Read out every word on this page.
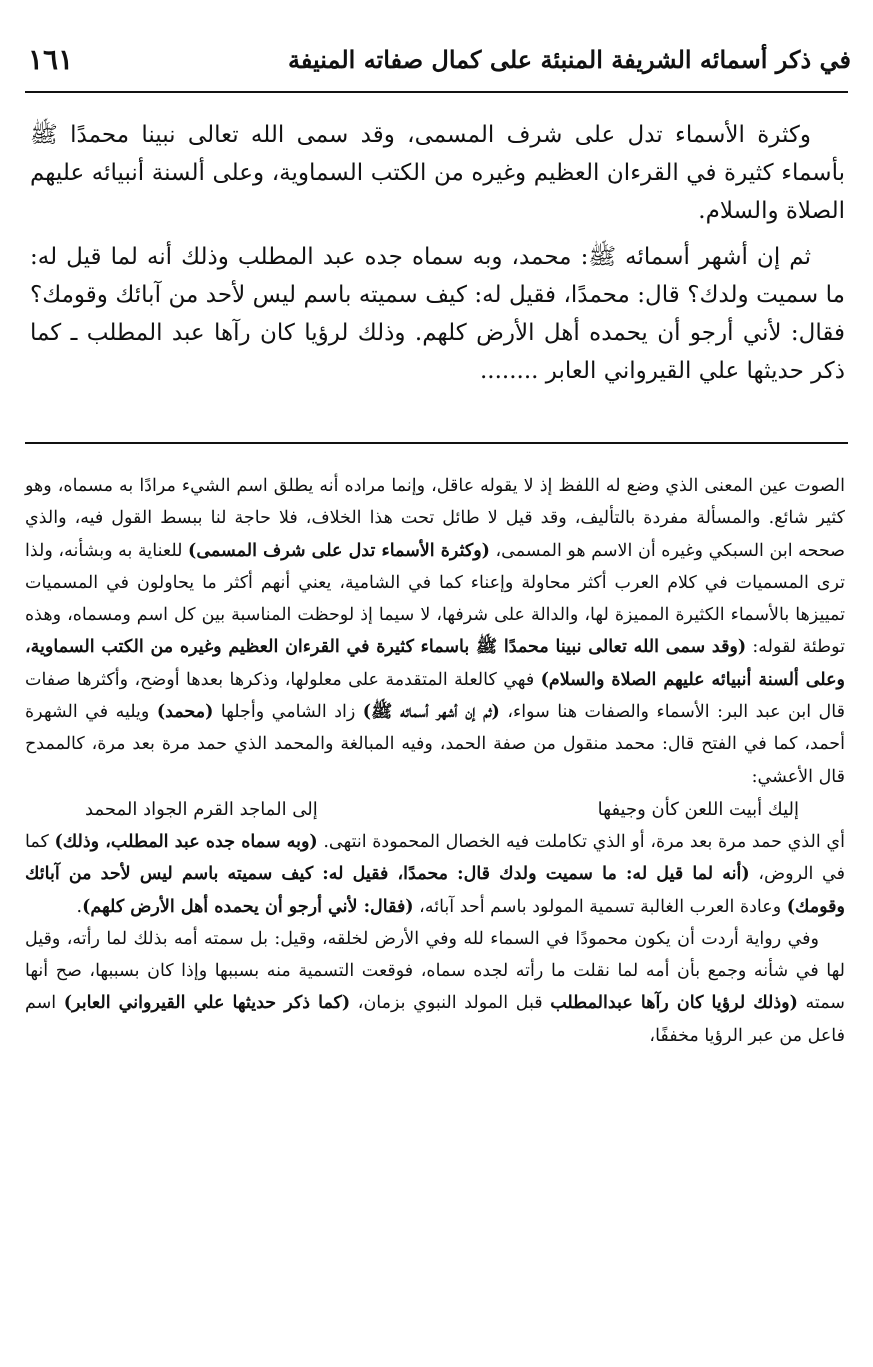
في ذكر أسمائه الشريفة المنبئة على كمال صفاته المنيفة
١٦١

وكثرة الأسماء تدل على شرف المسمى، وقد سمى الله تعالى نبينا محمدًا ﷺ بأسماء كثيرة في القرءان العظيم وغيره من الكتب السماوية، وعلى ألسنة أنبيائه عليهم الصلاة والسلام.

ثم إن أشهر أسمائه ﷺ: محمد، وبه سماه جده عبد المطلب وذلك أنه لما قيل له: ما سميت ولدك؟ قال: محمدًا، فقيل له: كيف سميته باسم ليس لأحد من آبائك وقومك؟ فقال: لأني أرجو أن يحمده أهل الأرض كلهم. وذلك لرؤيا كان رآها عبد المطلب ـ كما ذكر حديثها علي القيرواني العابر ........

الصوت عين المعنى الذي وضع له اللفظ إذ لا يقوله عاقل، وإنما مراده أنه يطلق اسم الشيء مرادًا به مسماه، وهو كثير شائع. والمسألة مفردة بالتأليف، وقد قيل لا طائل تحت هذا الخلاف، فلا حاجة لنا ببسط القول فيه، والذي صححه ابن السبكي وغيره أن الاسم هو المسمى، (وكثرة الأسماء تدل على شرف المسمى) للعناية به وبشأنه، ولذا ترى المسميات في كلام العرب أكثر محاولة وإعناء كما في الشامية، يعني أنهم أكثر ما يحاولون في المسميات تمييزها بالأسماء الكثيرة المميزة لها، والدالة على شرفها، لا سيما إذ لوحظت المناسبة بين كل اسم ومسماه، وهذه توطئة لقوله: (وقد سمى الله تعالى نبينا محمدًا ﷺ باسماء كثيرة في القرءان العظيم وغيره من الكتب السماوية، وعلى ألسنة أنبيائه عليهم الصلاة والسلام) فهي كالعلة المتقدمة على معلولها، وذكرها بعدها أوضح، وأكثرها صفات قال ابن عبد البر: الأسماء والصفات هنا سواء، (ثم إن أشهر أسمائه ﷺ) زاد الشامي وأجلها (محمد) ويليه في الشهرة أحمد، كما في الفتح قال: محمد منقول من صفة الحمد، وفيه المبالغة والمحمد الذي حمد مرة بعد مرة، كالممدح قال الأعشي:

إليك أبيت اللعن كأن وجيفها
إلى الماجد القرم الجواد المحمد

أي الذي حمد مرة بعد مرة، أو الذي تكاملت فيه الخصال المحمودة انتهى. (وبه سماه جده عبد المطلب، وذلك) كما في الروض، (أنه لما قيل له: ما سميت ولدك قال: محمدًا، فقيل له: كيف سميته باسم ليس لأحد من آبائك وقومك) وعادة العرب الغالبة تسمية المولود باسم أحد آبائه، (فقال: لأني أرجو أن يحمده أهل الأرض كلهم).

وفي رواية أردت أن يكون محمودًا في السماء لله وفي الأرض لخلقه، وقيل: بل سمته أمه بذلك لما رأته، وقيل لها في شأنه وجمع بأن أمه لما نقلت ما رأته لجده سماه، فوقعت التسمية منه بسببها وإذا كان بسببها، صح أنها سمته (وذلك لرؤيا كان رآها عبدالمطلب قبل المولد النبوي بزمان، (كما ذكر حديثها علي القيرواني العابر) اسم فاعل من عبر الرؤيا مخففًا،
